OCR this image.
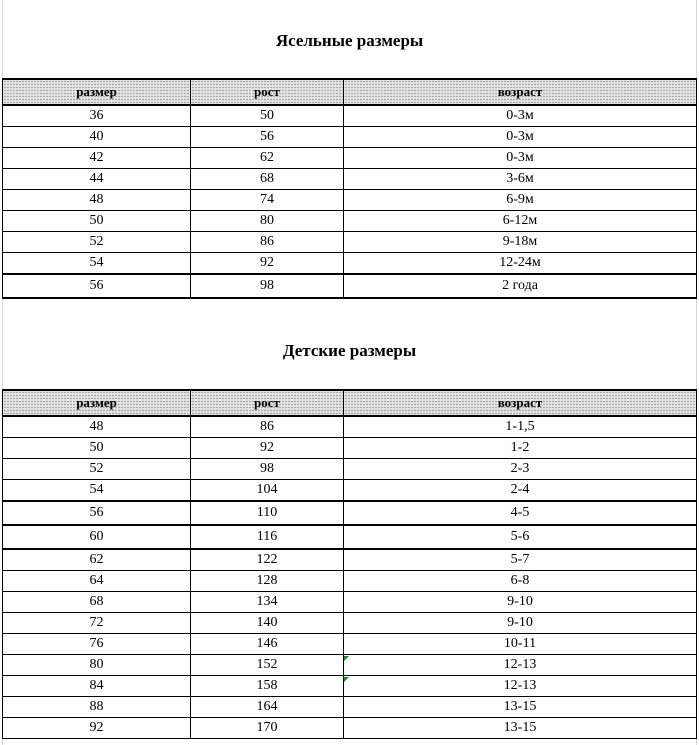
Ясельные размеры
размер	рост	возраст
36	50	0-3м
40	56	0-3м
42	62	0-3м
44	68	3-6м
48	74	6-9м
50	80	6-12м
52	86	9-18м
54	92	12-24м
56	98	2 года
Детские размеры
размер	рост	возраст
48	86	1-1,5
50	92	1-2
52	98	2-3
54	104	2-4
56	110	4-5
60	116	5-6
62	122	5-7
64	128	6-8
68	134	9-10
72	140	9-10
76	146	10-11
80	152	12-13
84	158	12-13
88	164	13-15
92	170	13-15
